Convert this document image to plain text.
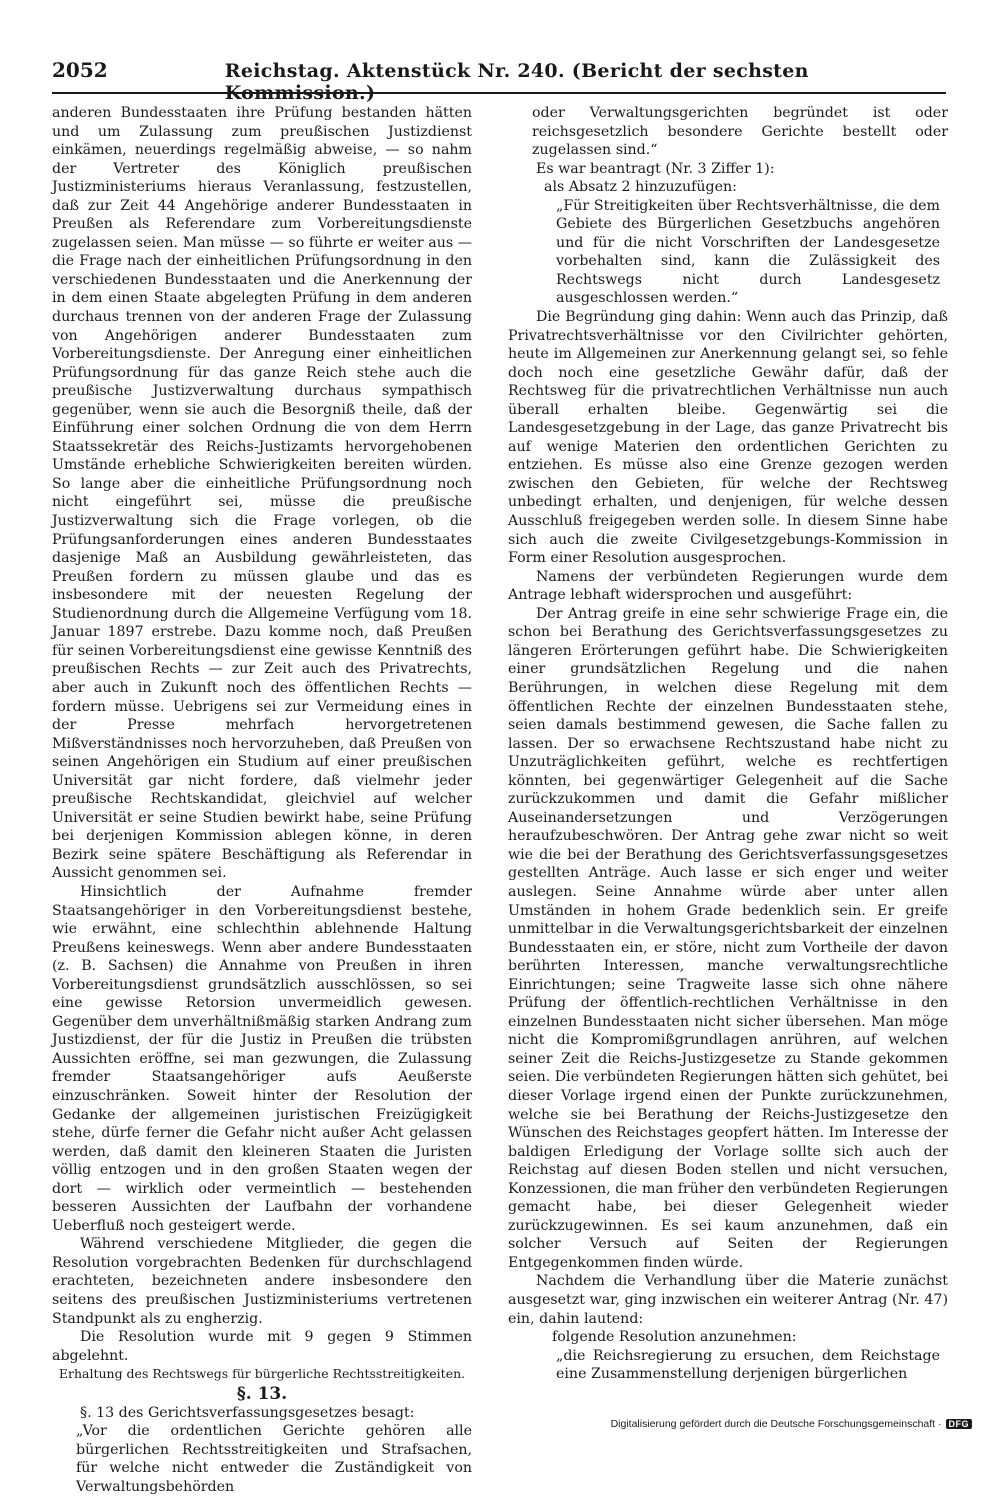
2052	Reichstag. Aktenstück Nr. 240. (Bericht der sechsten Kommission.)

anderen Bundesstaaten ihre Prüfung bestanden hätten und um Zulassung zum preußischen Justizdienst einkämen, neuerdings regelmäßig abweise, — so nahm der Vertreter des Königlich preußischen Justizministeriums hieraus Veranlassung, festzustellen, daß zur Zeit 44 Angehörige anderer Bundesstaaten in Preußen als Referendare zum Vorbereitungsdienste zugelassen seien. Man müsse — so führte er weiter aus — die Frage nach der einheitlichen Prüfungsordnung in den verschiedenen Bundesstaaten und die Anerkennung der in dem einen Staate abgelegten Prüfung in dem anderen durchaus trennen von der anderen Frage der Zulassung von Angehörigen anderer Bundesstaaten zum Vorbereitungsdienste. Der Anregung einer einheitlichen Prüfungsordnung für das ganze Reich stehe auch die preußische Justizverwaltung durchaus sympathisch gegenüber, wenn sie auch die Besorgniß theile, daß der Einführung einer solchen Ordnung die von dem Herrn Staatssekretär des Reichs-Justizamts hervorgehobenen Umstände erhebliche Schwierigkeiten bereiten würden. So lange aber die einheitliche Prüfungsordnung noch nicht eingeführt sei, müsse die preußische Justizverwaltung sich die Frage vorlegen, ob die Prüfungsanforderungen eines anderen Bundesstaates dasjenige Maß an Ausbildung gewährleisteten, das Preußen fordern zu müssen glaube und das es insbesondere mit der neuesten Regelung der Studienordnung durch die Allgemeine Verfügung vom 18. Januar 1897 erstrebe. Dazu komme noch, daß Preußen für seinen Vorbereitungsdienst eine gewisse Kenntniß des preußischen Rechts — zur Zeit auch des Privatrechts, aber auch in Zukunft noch des öffentlichen Rechts — fordern müsse. Uebrigens sei zur Vermeidung eines in der Presse mehrfach hervorgetretenen Mißverständnisses noch hervorzuheben, daß Preußen von seinen Angehörigen ein Studium auf einer preußischen Universität gar nicht fordere, daß vielmehr jeder preußische Rechtskandidat, gleichviel auf welcher Universität er seine Studien bewirkt habe, seine Prüfung bei derjenigen Kommission ablegen könne, in deren Bezirk seine spätere Beschäftigung als Referendar in Aussicht genommen sei.

Hinsichtlich der Aufnahme fremder Staatsangehöriger in den Vorbereitungsdienst bestehe, wie erwähnt, eine schlechthin ablehnende Haltung Preußens keineswegs. Wenn aber andere Bundesstaaten (z. B. Sachsen) die Annahme von Preußen in ihren Vorbereitungsdienst grundsätzlich ausschlössen, so sei eine gewisse Retorsion unvermeidlich gewesen. Gegenüber dem unverhältnißmäßig starken Andrang zum Justizdienst, der für die Justiz in Preußen die trübsten Aussichten eröffne, sei man gezwungen, die Zulassung fremder Staatsangehöriger aufs Aeußerste einzuschränken. Soweit hinter der Resolution der Gedanke der allgemeinen juristischen Freizügigkeit stehe, dürfe ferner die Gefahr nicht außer Acht gelassen werden, daß damit den kleineren Staaten die Juristen völlig entzogen und in den großen Staaten wegen der dort — wirklich oder vermeintlich — bestehenden besseren Aussichten der Laufbahn der vorhandene Ueberfluß noch gesteigert werde.

Während verschiedene Mitglieder, die gegen die Resolution vorgebrachten Bedenken für durchschlagend erachteten, bezeichneten andere insbesondere den seitens des preußischen Justizministeriums vertretenen Standpunkt als zu engherzig.

Die Resolution wurde mit 9 gegen 9 Stimmen abgelehnt.

Erhaltung des Rechtswegs für bürgerliche Rechtsstreitigkeiten.

§. 13.

§. 13 des Gerichtsverfassungsgesetzes besagt:

„Vor die ordentlichen Gerichte gehören alle bürgerlichen Rechtsstreitigkeiten und Strafsachen, für welche nicht entweder die Zuständigkeit von Verwaltungsbehörden

oder Verwaltungsgerichten begründet ist oder reichsgesetzlich besondere Gerichte bestellt oder zugelassen sind.“

Es war beantragt (Nr. 3 Ziffer 1):

als Absatz 2 hinzuzufügen:

„Für Streitigkeiten über Rechtsverhältnisse, die dem Gebiete des Bürgerlichen Gesetzbuchs angehören und für die nicht Vorschriften der Landesgesetze vorbehalten sind, kann die Zulässigkeit des Rechtswegs nicht durch Landesgesetz ausgeschlossen werden.“

Die Begründung ging dahin: Wenn auch das Prinzip, daß Privatrechtsverhältnisse vor den Civilrichter gehörten, heute im Allgemeinen zur Anerkennung gelangt sei, so fehle doch noch eine gesetzliche Gewähr dafür, daß der Rechtsweg für die privatrechtlichen Verhältnisse nun auch überall erhalten bleibe. Gegenwärtig sei die Landesgesetzgebung in der Lage, das ganze Privatrecht bis auf wenige Materien den ordentlichen Gerichten zu entziehen. Es müsse also eine Grenze gezogen werden zwischen den Gebieten, für welche der Rechtsweg unbedingt erhalten, und denjenigen, für welche dessen Ausschluß freigegeben werden solle. In diesem Sinne habe sich auch die zweite Civilgesetzgebungs-Kommission in Form einer Resolution ausgesprochen.

Namens der verbündeten Regierungen wurde dem Antrage lebhaft widersprochen und ausgeführt:

Der Antrag greife in eine sehr schwierige Frage ein, die schon bei Berathung des Gerichtsverfassungsgesetzes zu längeren Erörterungen geführt habe. Die Schwierigkeiten einer grundsätzlichen Regelung und die nahen Berührungen, in welchen diese Regelung mit dem öffentlichen Rechte der einzelnen Bundesstaaten stehe, seien damals bestimmend gewesen, die Sache fallen zu lassen. Der so erwachsene Rechtszustand habe nicht zu Unzuträglichkeiten geführt, welche es rechtfertigen könnten, bei gegenwärtiger Gelegenheit auf die Sache zurückzukommen und damit die Gefahr mißlicher Auseinandersetzungen und Verzögerungen heraufzubeschwören. Der Antrag gehe zwar nicht so weit wie die bei der Berathung des Gerichtsverfassungsgesetzes gestellten Anträge. Auch lasse er sich enger und weiter auslegen. Seine Annahme würde aber unter allen Umständen in hohem Grade bedenklich sein. Er greife unmittelbar in die Verwaltungsgerichtsbarkeit der einzelnen Bundesstaaten ein, er störe, nicht zum Vortheile der davon berührten Interessen, manche verwaltungsrechtliche Einrichtungen; seine Tragweite lasse sich ohne nähere Prüfung der öffentlich-rechtlichen Verhältnisse in den einzelnen Bundesstaaten nicht sicher übersehen. Man möge nicht die Kompromißgrundlagen anrühren, auf welchen seiner Zeit die Reichs-Justizgesetze zu Stande gekommen seien. Die verbündeten Regierungen hätten sich gehütet, bei dieser Vorlage irgend einen der Punkte zurückzunehmen, welche sie bei Berathung der Reichs-Justizgesetze den Wünschen des Reichstages geopfert hätten. Im Interesse der baldigen Erledigung der Vorlage sollte sich auch der Reichstag auf diesen Boden stellen und nicht versuchen, Konzessionen, die man früher den verbündeten Regierungen gemacht habe, bei dieser Gelegenheit wieder zurückzugewinnen. Es sei kaum anzunehmen, daß ein solcher Versuch auf Seiten der Regierungen Entgegenkommen finden würde.

Nachdem die Verhandlung über die Materie zunächst ausgesetzt war, ging inzwischen ein weiterer Antrag (Nr. 47) ein, dahin lautend:

folgende Resolution anzunehmen:

„die Reichsregierung zu ersuchen, dem Reichstage eine Zusammenstellung derjenigen bürgerlichen

Digitalisierung gefördert durch die Deutsche Forschungsgemeinschaft · DFG
